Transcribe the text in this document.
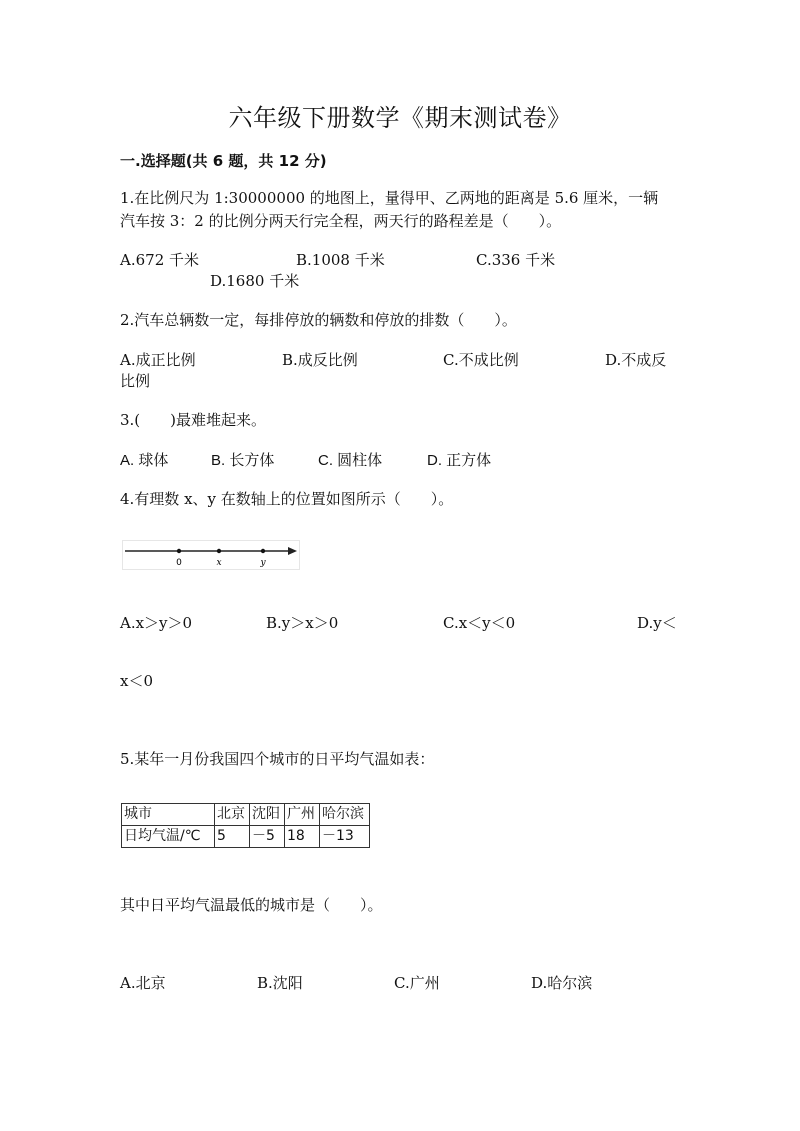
六年级下册数学《期末测试卷》
一.选择题(共 6 题，共 12 分)
1.在比例尺为 1:30000000 的地图上，量得甲、乙两地的距离是 5.6 厘米，一辆
汽车按 3：2 的比例分两天行完全程，两天行的路程差是（　　）。
A.672 千米	B.1008 千米	C.336 千米
D.1680 千米
2.汽车总辆数一定，每排停放的辆数和停放的排数（　　）。
A.成正比例	B.成反比例	C.不成比例	D.不成反
比例
3.(　　)最难堆起来。
A. 球体	B. 长方体	C. 圆柱体	D. 正方体
4.有理数 x、y 在数轴上的位置如图所示（　　）。
0	x	y
A.x＞y＞0	B.y＞x＞0	C.x＜y＜0	D.y＜
x＜0
5.某年一月份我国四个城市的日平均气温如表：
城市	北京	沈阳	广州	哈尔滨
日均气温/℃	5	－5	18	－13
其中日平均气温最低的城市是（　　）。
A.北京	B.沈阳	C.广州	D.哈尔滨
